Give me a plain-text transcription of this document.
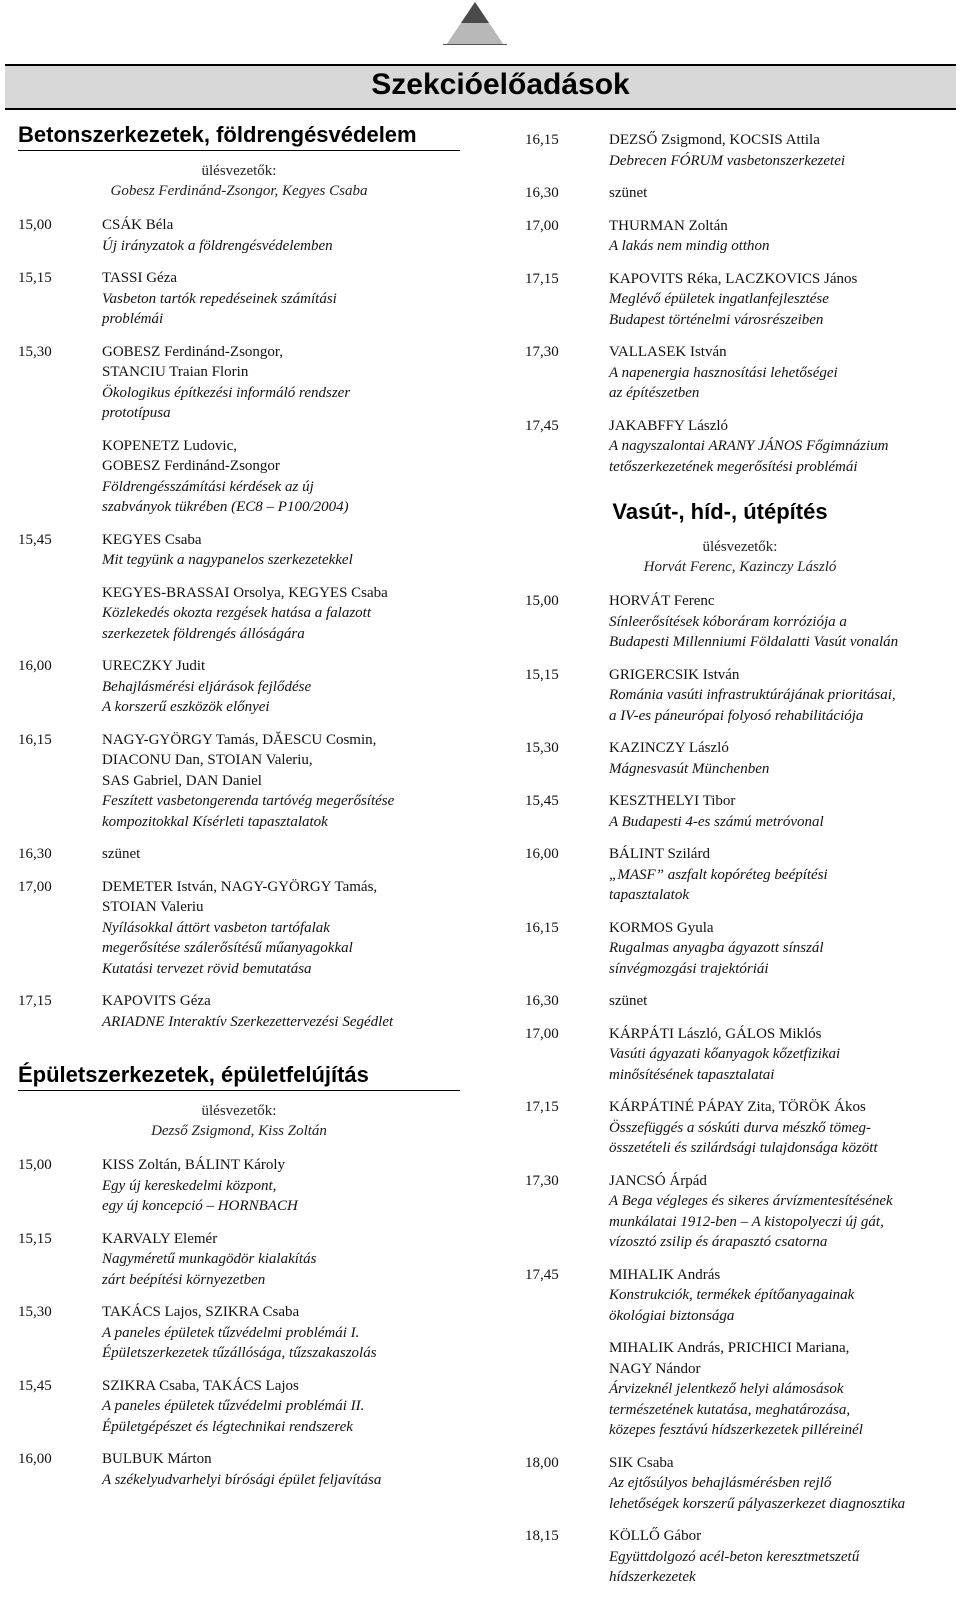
Szekcióelőadások
Betonszerkezetek, földrengésvédelem
ülésvezetők:
Gobesz Ferdinánd-Zsongor, Kegyes Csaba
15,00	CSÁK Béla
Új irányzatok a földrengésvédelemben
15,15	TASSI Géza
Vasbeton tartók repedéseinek számítási
problémái
15,30	GOBESZ Ferdinánd-Zsongor,
STANCIU Traian Florin
Ökologikus építkezési informáló rendszer
prototípusa
KOPENETZ Ludovic,
GOBESZ Ferdinánd-Zsongor
Földrengésszámítási kérdések az új
szabványok tükrében (EC8 – P100/2004)
15,45	KEGYES Csaba
Mit tegyünk a nagypanelos szerkezetekkel
KEGYES-BRASSAI Orsolya, KEGYES Csaba
Közlekedés okozta rezgések hatása a falazott
szerkezetek földrengés állóságára
16,00	URECZKY Judit
Behajlásmérési eljárások fejlődése
A korszerű eszközök előnyei
16,15	NAGY-GYÖRGY Tamás, DĂESCU Cosmin,
DIACONU Dan, STOIAN Valeriu,
SAS Gabriel, DAN Daniel
Feszített vasbetongerenda tartóvég megerősítése
kompozitokkal Kísérleti tapasztalatok
16,30	szünet
17,00	DEMETER István, NAGY-GYÖRGY Tamás,
STOIAN Valeriu
Nyílásokkal áttört vasbeton tartófalak
megerősítése szálerősítésű műanyagokkal
Kutatási tervezet rövid bemutatása
17,15	KAPOVITS Géza
ARIADNE Interaktív Szerkezettervezési Segédlet
Épületszerkezetek, épületfelújítás
ülésvezetők:
Dezső Zsigmond, Kiss Zoltán
15,00	KISS Zoltán, BÁLINT Károly
Egy új kereskedelmi központ,
egy új koncepció – HORNBACH
15,15	KARVALY Elemér
Nagyméretű munkagödör kialakítás
zárt beépítési környezetben
15,30	TAKÁCS Lajos, SZIKRA Csaba
A paneles épületek tűzvédelmi problémái I.
Épületszerkezetek tűzállósága, tűzszakaszolás
15,45	SZIKRA Csaba, TAKÁCS Lajos
A paneles épületek tűzvédelmi problémái II.
Épületgépészet és légtechnikai rendszerek
16,00	BULBUK Márton
A székelyudvarhelyi bírósági épület feljavítása
16,15	DEZSŐ Zsigmond, KOCSIS Attila
Debrecen FÓRUM vasbetonszerkezetei
16,30	szünet
17,00	THURMAN Zoltán
A lakás nem mindig otthon
17,15	KAPOVITS Réka, LACZKOVICS János
Meglévő épületek ingatlanfejlesztése
Budapest történelmi városrészeiben
17,30	VALLASEK István
A napenergia hasznosítási lehetőségei
az építészetben
17,45	JAKABFFY László
A nagyszalontai ARANY JÁNOS Főgimnázium
tetőszerkezetének megerősítési problémái
Vasút-, híd-, útépítés
ülésvezetők:
Horvát Ferenc, Kazinczy László
15,00	HORVÁT Ferenc
Sínleerősítések kóboráram korróziója a
Budapesti Millenniumi Földalatti Vasút vonalán
15,15	GRIGERCSIK István
Románia vasúti infrastruktúrájának prioritásai,
a IV-es páneurópai folyosó rehabilitációja
15,30	KAZINCZY László
Mágnesvasút Münchenben
15,45	KESZTHELYI Tibor
A Budapesti 4-es számú metróvonal
16,00	BÁLINT Szilárd
„MASF” aszfalt kopóréteg beépítési
tapasztalatok
16,15	KORMOS Gyula
Rugalmas anyagba ágyazott sínszál
sínvégmozgási trajektóriái
16,30	szünet
17,00	KÁRPÁTI László, GÁLOS Miklós
Vasúti ágyazati kőanyagok kőzetfizikai
minősítésének tapasztalatai
17,15	KÁRPÁTINÉ PÁPAY Zita, TÖRÖK Ákos
Összefüggés a sóskúti durva mészkő tömeg-
összetételi és szilárdsági tulajdonsága között
17,30	JANCSÓ Árpád
A Bega végleges és sikeres árvízmentesítésének
munkálatai 1912-ben – A kistopolyeczi új gát,
vízosztó zsilip és árapasztó csatorna
17,45	MIHALIK András
Konstrukciók, termékek építőanyagainak
ökológiai biztonsága
MIHALIK András, PRICHICI Mariana,
NAGY Nándor
Árvizeknél jelentkező helyi alámosások
természetének kutatása, meghatározása,
közepes fesztávú hídszerkezetek pilléreinél
18,00	SIK Csaba
Az ejtősúlyos behajlásmérésben rejlő
lehetőségek korszerű pályaszerkezet diagnosztika
18,15	KÖLLŐ Gábor
Együttdolgozó acél-beton keresztmetszetű
hídszerkezetek
